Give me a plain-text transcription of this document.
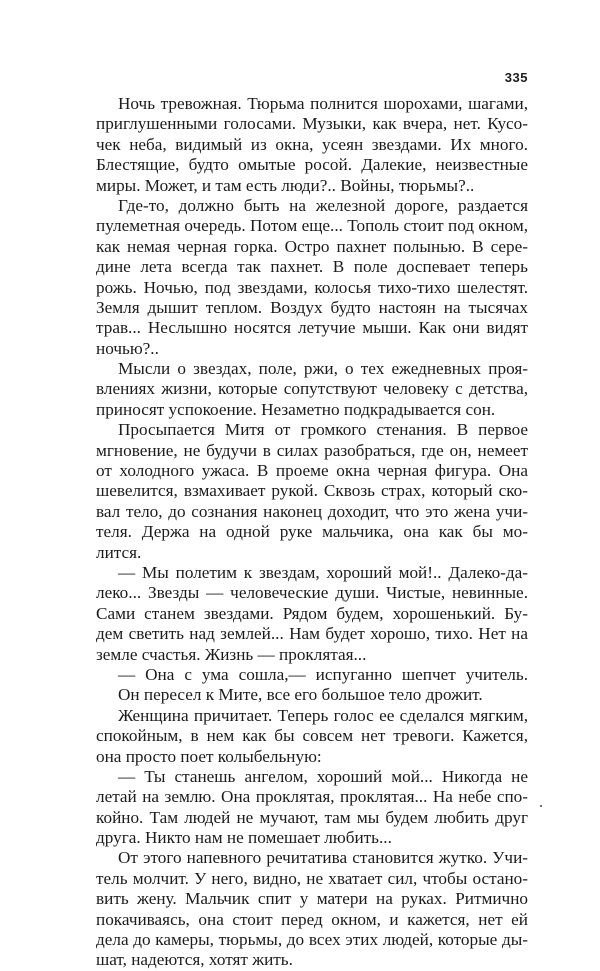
335
Ночь тревожная. Тюрьма полнится шорохами, шагами,
приглушенными голосами. Музыки, как вчера, нет. Кусо-
чек неба, видимый из окна, усеян звездами. Их много.
Блестящие, будто омытые росой. Далекие, неизвестные
миры. Может, и там есть люди?.. Войны, тюрьмы?..
Где-то, должно быть на железной дороге, раздается
пулеметная очередь. Потом еще... Тополь стоит под окном,
как немая черная горка. Остро пахнет полынью. В сере-
дине лета всегда так пахнет. В поле доспевает теперь
рожь. Ночью, под звездами, колосья тихо-тихо шелестят.
Земля дышит теплом. Воздух будто настоян на тысячах
трав... Неслышно носятся летучие мыши. Как они видят
ночью?..
Мысли о звездах, поле, ржи, о тех ежедневных проя-
влениях жизни, которые сопутствуют человеку с детства,
приносят успокоение. Незаметно подкрадывается сон.
Просыпается Митя от громкого стенания. В первое
мгновение, не будучи в силах разобраться, где он, немеет
от холодного ужаса. В проеме окна черная фигура. Она
шевелится, взмахивает рукой. Сквозь страх, который ско-
вал тело, до сознания наконец доходит, что это жена учи-
теля. Держа на одной руке мальчика, она как бы мо-
лится.
— Мы полетим к звездам, хороший мой!.. Далеко-да-
леко... Звезды — человеческие души. Чистые, невинные.
Сами станем звездами. Рядом будем, хорошенький. Бу-
дем светить над землей... Нам будет хорошо, тихо. Нет на
земле счастья. Жизнь — проклятая...
— Она с ума сошла,— испуганно шепчет учитель.
Он пересел к Мите, все его большое тело дрожит.
Женщина причитает. Теперь голос ее сделался мягким,
спокойным, в нем как бы совсем нет тревоги. Кажется,
она просто поет колыбельную:
— Ты станешь ангелом, хороший мой... Никогда не
летай на землю. Она проклятая, проклятая... На небе спо-
койно. Там людей не мучают, там мы будем любить друг
друга. Никто нам не помешает любить...
От этого напевного речитатива становится жутко. Учи-
тель молчит. У него, видно, не хватает сил, чтобы остано-
вить жену. Мальчик спит у матери на руках. Ритмично
покачиваясь, она стоит перед окном, и кажется, нет ей
дела до камеры, тюрьмы, до всех этих людей, которые ды-
шат, надеются, хотят жить.
